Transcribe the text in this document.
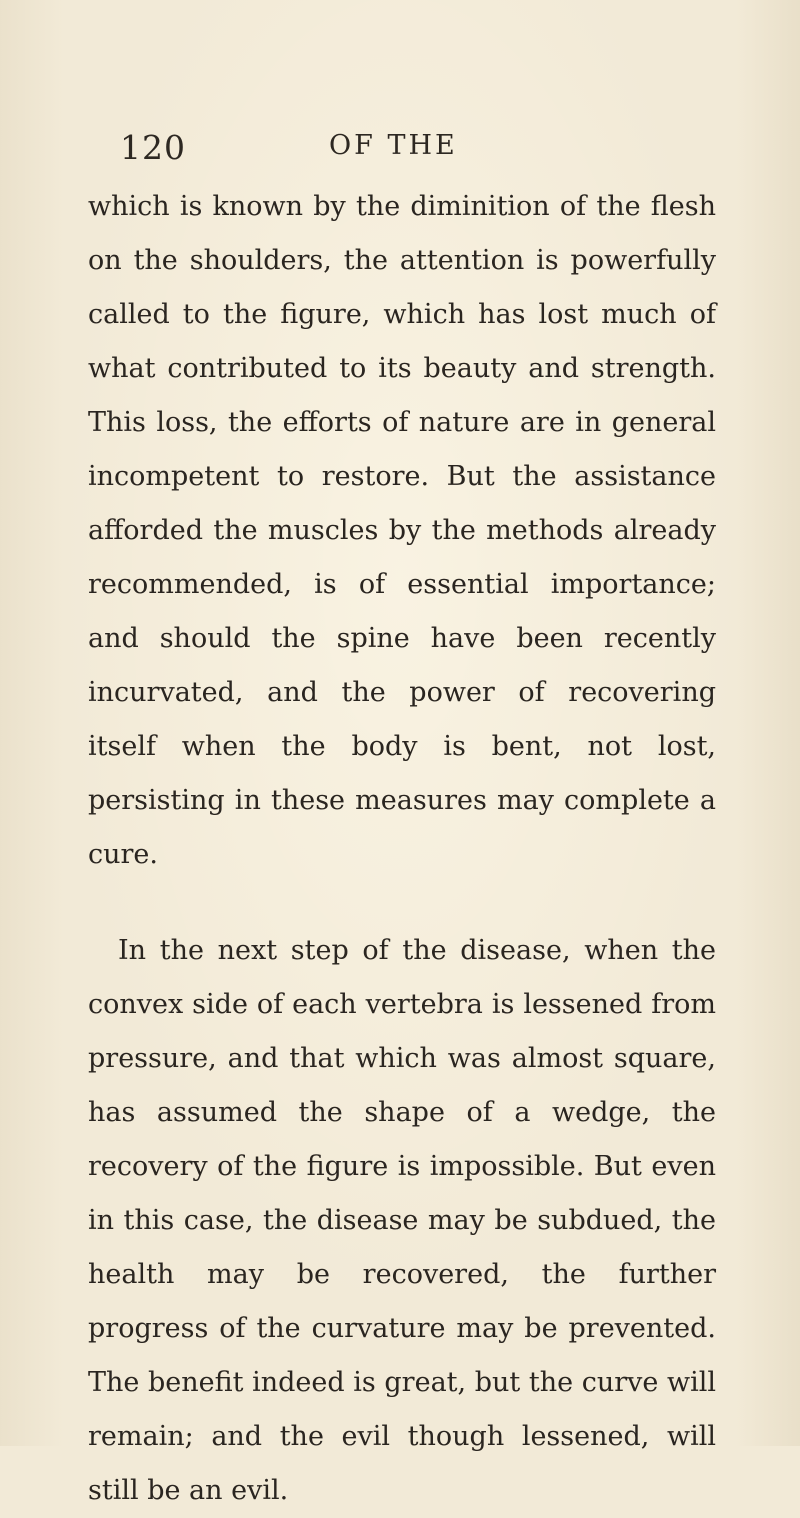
120	OF THE

which is known by the diminition of the flesh on the shoulders, the attention is powerfully called to the figure, which has lost much of what contributed to its beauty and strength. This loss, the efforts of nature are in general incompetent to restore. But the assistance afforded the muscles by the methods already recommended, is of essential importance; and should the spine have been recently incurvated, and the power of recovering itself when the body is bent, not lost, persisting in these measures may complete a cure.

In the next step of the disease, when the convex side of each vertebra is lessened from pressure, and that which was almost square, has assumed the shape of a wedge, the recovery of the figure is impossible. But even in this case, the disease may be subdued, the health may be recovered, the further progress of the curvature may be prevented. The benefit indeed is great, but the curve will remain; and the evil though lessened, will still be an evil.
